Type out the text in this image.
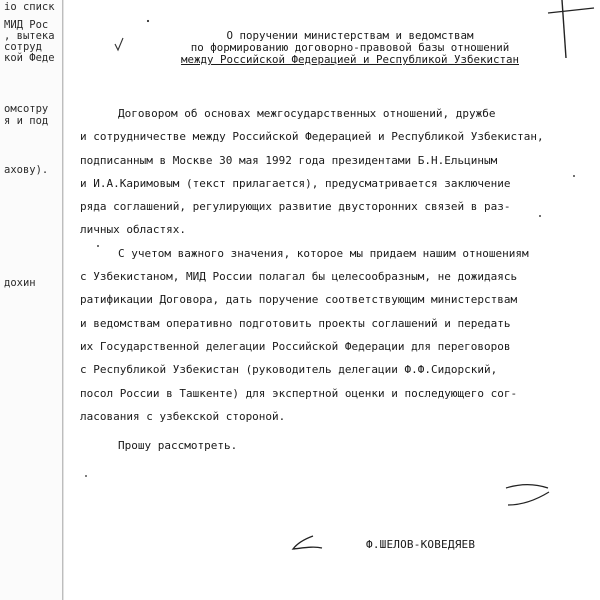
io списк
МИД Рос
, вытека
сотруд
кой Феде
омсотру
я и под
ахову).
дохин
О поручении министерствам и ведомствам
по формированию договорно-правовой базы отношений
между Российской Федерацией и Республикой Узбекистан
Договором об основах межгосударственных отношений, дружбе
и сотрудничестве между Российской Федерацией и Республикой Узбекистан,
подписанным в Москве 30 мая 1992 года президентами Б.Н.Ельциным
и И.А.Каримовым (текст прилагается), предусматривается заключение
ряда соглашений, регулирующих развитие двусторонних связей в раз-
личных областях.
С учетом важного значения, которое мы придаем нашим отношениям
с Узбекистаном, МИД России полагал бы целесообразным, не дожидаясь
ратификации Договора, дать поручение соответствующим министерствам
и ведомствам оперативно подготовить проекты соглашений и передать
их Государственной делегации Российской Федерации для переговоров
с Республикой Узбекистан (руководитель делегации Ф.Ф.Сидорский,
посол России в Ташкенте) для экспертной оценки и последующего сог-
ласования с узбекской стороной.
Прошу рассмотреть.
Ф.ШЕЛОВ-КОВЕДЯЕВ
